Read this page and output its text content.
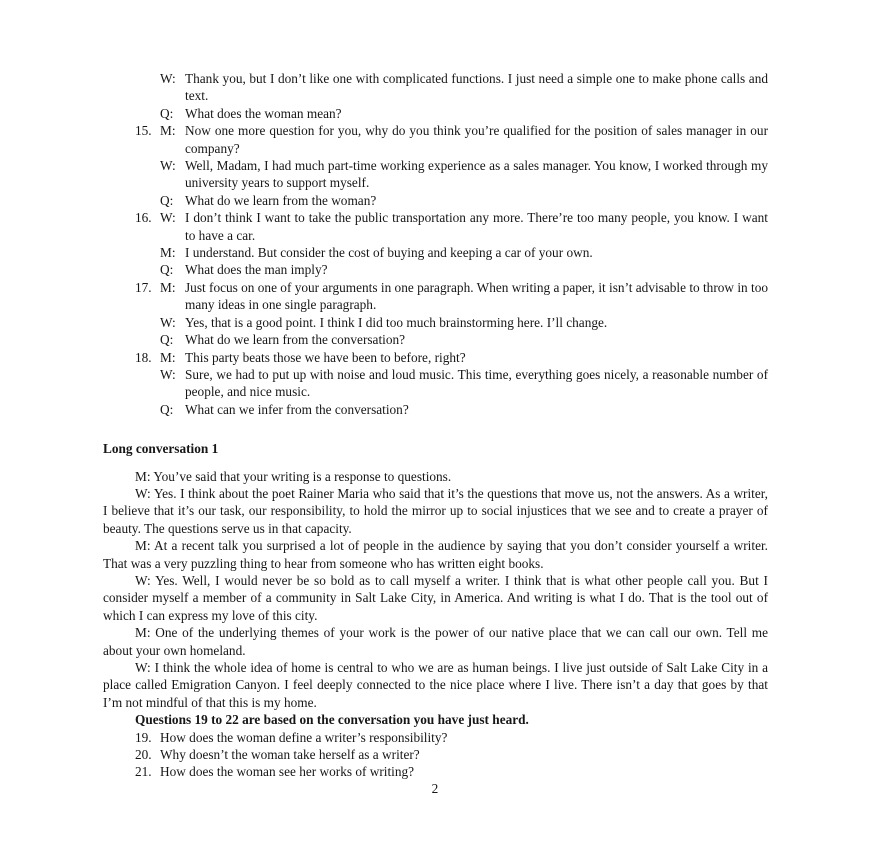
W: Thank you, but I don’t like one with complicated functions. I just need a simple one to make phone calls and text.
Q: What does the woman mean?
15. M: Now one more question for you, why do you think you’re qualified for the position of sales manager in our company?
W: Well, Madam, I had much part-time working experience as a sales manager. You know, I worked through my university years to support myself.
Q: What do we learn from the woman?
16. W: I don’t think I want to take the public transportation any more. There’re too many people, you know. I want to have a car.
M: I understand. But consider the cost of buying and keeping a car of your own.
Q: What does the man imply?
17. M: Just focus on one of your arguments in one paragraph. When writing a paper, it isn’t advisable to throw in too many ideas in one single paragraph.
W: Yes, that is a good point. I think I did too much brainstorming here. I’ll change.
Q: What do we learn from the conversation?
18. M: This party beats those we have been to before, right?
W: Sure, we had to put up with noise and loud music. This time, everything goes nicely, a reasonable number of people, and nice music.
Q: What can we infer from the conversation?
Long conversation 1

M: You’ve said that your writing is a response to questions.

W: Yes. I think about the poet Rainer Maria who said that it’s the questions that move us, not the answers. As a writer, I believe that it’s our task, our responsibility, to hold the mirror up to social injustices that we see and to create a prayer of beauty. The questions serve us in that capacity.

M: At a recent talk you surprised a lot of people in the audience by saying that you don’t consider yourself a writer. That was a very puzzling thing to hear from someone who has written eight books.

W: Yes. Well, I would never be so bold as to call myself a writer. I think that is what other people call you. But I consider myself a member of a community in Salt Lake City, in America. And writing is what I do. That is the tool out of which I can express my love of this city.

M: One of the underlying themes of your work is the power of our native place that we can call our own. Tell me about your own homeland.

W: I think the whole idea of home is central to who we are as human beings. I live just outside of Salt Lake City in a place called Emigration Canyon. I feel deeply connected to the nice place where I live. There isn’t a day that goes by that I’m not mindful of that this is my home.

Questions 19 to 22 are based on the conversation you have just heard.
19. How does the woman define a writer’s responsibility?
20. Why doesn’t the woman take herself as a writer?
21. How does the woman see her works of writing?
2
